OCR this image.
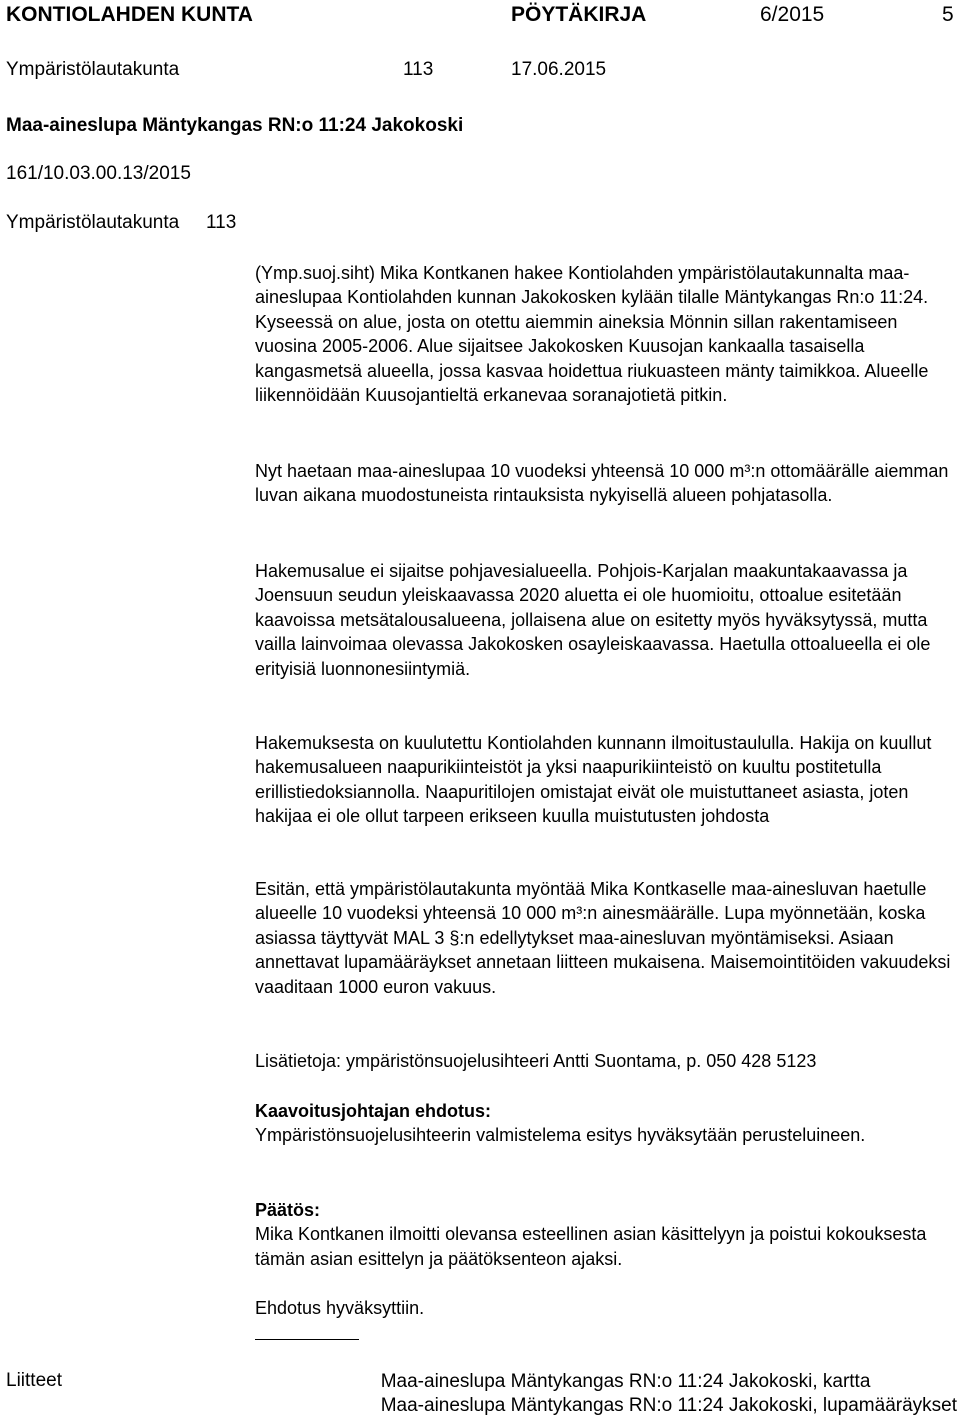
KONTIOLAHDEN KUNTA	PÖYTÄKIRJA	6/2015	5
Ympäristölautakunta	113	17.06.2015
Maa-aineslupa Mäntykangas RN:o 11:24 Jakokoski
161/10.03.00.13/2015
Ympäristölautakunta 113

(Ymp.suoj.siht) Mika Kontkanen hakee Kontiolahden ympäristölautakunnalta maa-aineslupaa Kontiolahden kunnan Jakokosken kylään tilalle Mäntykangas Rn:o 11:24. Kyseessä on alue, josta on otettu aiemmin aineksia Mönnin sillan rakentamiseen vuosina 2005-2006. Alue sijaitsee Jakokosken Kuusojan kankaalla tasaisella kangasmetsä alueella, jossa kasvaa hoidettua riukuasteen mänty taimikkoa. Alueelle liikennöidään Kuusojantieltä erkanevaa soranajotietä pitkin.

Nyt haetaan maa-aineslupaa 10 vuodeksi yhteensä 10 000 m³:n ottomäärälle aiemman luvan aikana muodostuneista rintauksista nykyisellä alueen pohjatasolla.

Hakemusalue ei sijaitse pohjavesialueella. Pohjois-Karjalan maakuntakaavassa ja Joensuun seudun yleiskaavassa 2020 aluetta ei ole huomioitu, ottoalue esitetään kaavoissa metsätalousalueena, jollaisena alue on esitetty myös hyväksytyssä, mutta vailla lainvoimaa olevassa Jakokosken osayleiskaavassa. Haetulla ottoalueella ei ole erityisiä luonnonesiintymiä.

Hakemuksesta on kuulutettu Kontiolahden kunnann ilmoitustaululla. Hakija on kuullut hakemusalueen naapurikiinteistöt ja yksi naapurikiinteistö on kuultu postitetulla erillistiedoksiannolla. Naapuritilojen omistajat eivät ole muistuttaneet asiasta, joten hakijaa ei ole ollut tarpeen erikseen kuulla muistutusten johdosta

Esitän, että ympäristölautakunta myöntää Mika Kontkaselle maa-ainesluvan haetulle alueelle 10 vuodeksi yhteensä 10 000 m³:n ainesmäärälle. Lupa myönnetään, koska asiassa täyttyvät MAL 3 §:n edellytykset maa-ainesluvan myöntämiseksi. Asiaan annettavat lupamääräykset annetaan liitteen mukaisena. Maisemointitöiden vakuudeksi vaaditaan 1000 euron vakuus.

Lisätietoja: ympäristönsuojelusihteeri Antti Suontama, p. 050 428 5123

Kaavoitusjohtajan ehdotus:

Ympäristönsuojelusihteerin valmistelema esitys hyväksytään perusteluineen.

Päätös:

Mika Kontkanen ilmoitti olevansa esteellinen asian käsittelyyn ja poistui kokouksesta tämän asian esittelyn ja päätöksenteon ajaksi.

Ehdotus hyväksyttiin.

Liitteet	Maa-aineslupa Mäntykangas RN:o 11:24 Jakokoski, kartta
Maa-aineslupa Mäntykangas RN:o 11:24 Jakokoski, lupamääräykset
